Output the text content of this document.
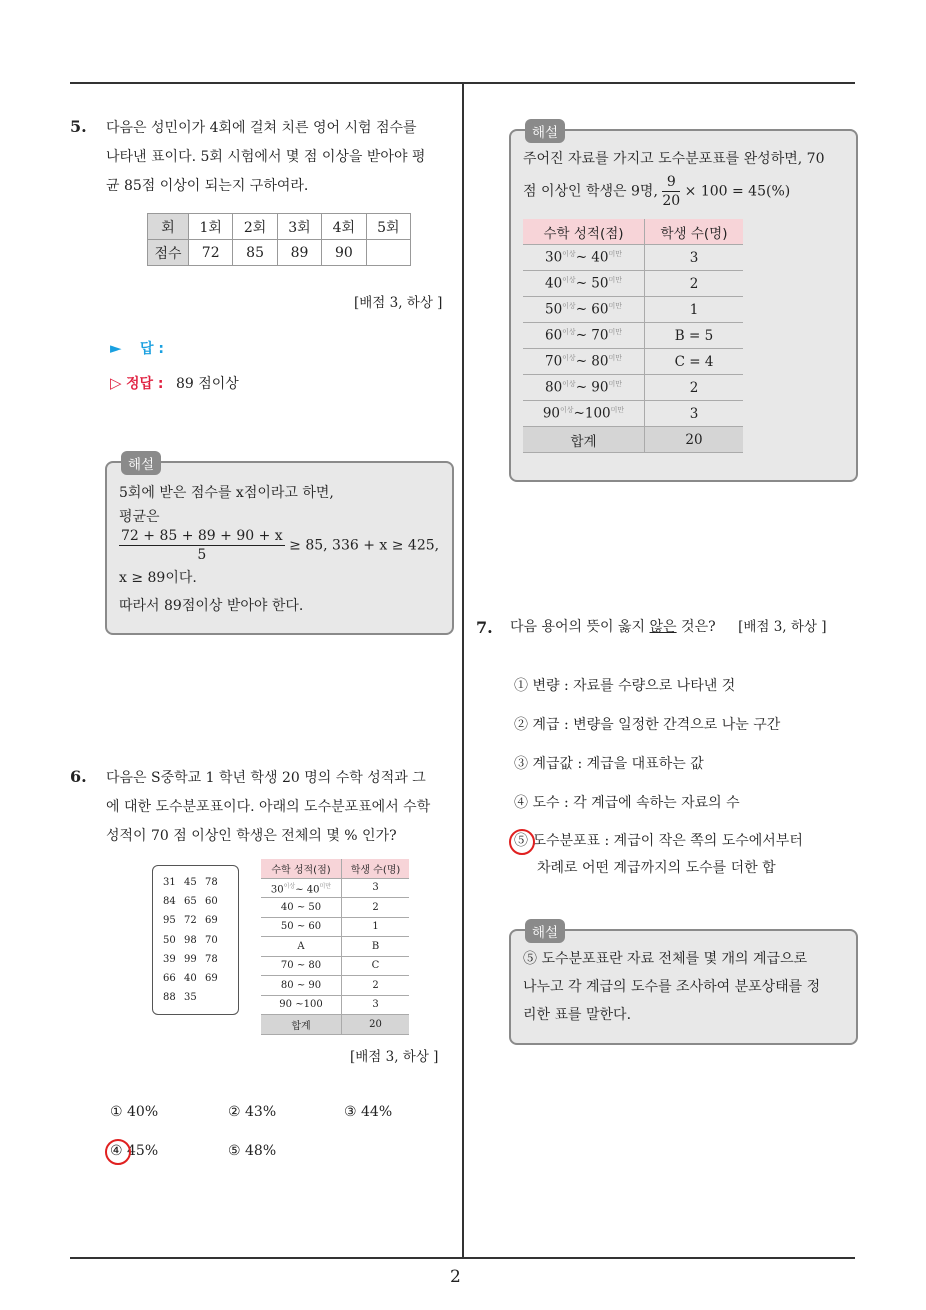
5. 다음은 성민이가 4회에 걸쳐 치른 영어 시험 점수를
나타낸 표이다. 5회 시험에서 몇 점 이상을 받아야 평
균 85점 이상이 되는지 구하여라.
회	1회	2회	3회	4회	5회
점수	72	85	89	90	
[배점 3, 하상 ]
► 답 :
▷ 정답 : 89 점이상
해설
5회에 받은 점수를 x점이라고 하면,
평균은
$\frac{72 + 85 + 89 + 90 + x}{5} \ge 85$, 336 + x ≥ 425,
x ≥ 89이다.
따라서 89점이상 받아야 한다.
6. 다음은 S중학교 1 학년 학생 20 명의 수학 성적과 그
에 대한 도수분포표이다. 아래의 도수분포표에서 수학
성적이 70 점 이상인 학생은 전체의 몇 % 인가?
31 45 78
84 65 60
95 72 69
50 98 70
39 99 78
66 40 69
88 35
수학 성적(점)	학생 수(명)
$30^{이상}\sim$ $40^{미만}$	3
40 ~ 50	2
50 ~ 60	1
A	B
70 ~ 80	C
80 ~ 90	2
90 ~100	3
합계	20
[배점 3, 하상 ]
① 40%	② 43%	③ 44%
④ 45%	⑤ 48%
해설
주어진 자료를 가지고 도수분포표를 완성하면, 70
점 이상인 학생은 9명, $\frac{9}{20} \times 100 = 45(\%)$
수학 성적(점)	학생 수(명)
$30^{이상}\sim$ $40^{미만}$	3
$40^{이상}\sim$ $50^{미만}$	2
$50^{이상}\sim$ $60^{미만}$	1
$60^{이상}\sim$ $70^{미만}$	B = 5
$70^{이상}\sim$ $80^{미만}$	C = 4
$80^{이상}\sim$ $90^{미만}$	2
$90^{이상}\sim 100^{미만}$	3
합계	20
7. 다음 용어의 뜻이 옳지 않은 것은? [배점 3, 하상 ]
① 변량 : 자료를 수량으로 나타낸 것
② 계급 : 변량을 일정한 간격으로 나눈 구간
③ 계급값 : 계급을 대표하는 값
④ 도수 : 각 계급에 속하는 자료의 수
⑤ 도수분포표 : 계급이 작은 쪽의 도수에서부터
차례로 어떤 계급까지의 도수를 더한 합
해설
⑤ 도수분포표란 자료 전체를 몇 개의 계급으로
나누고 각 계급의 도수를 조사하여 분포상태를 정
리한 표를 말한다.
2
